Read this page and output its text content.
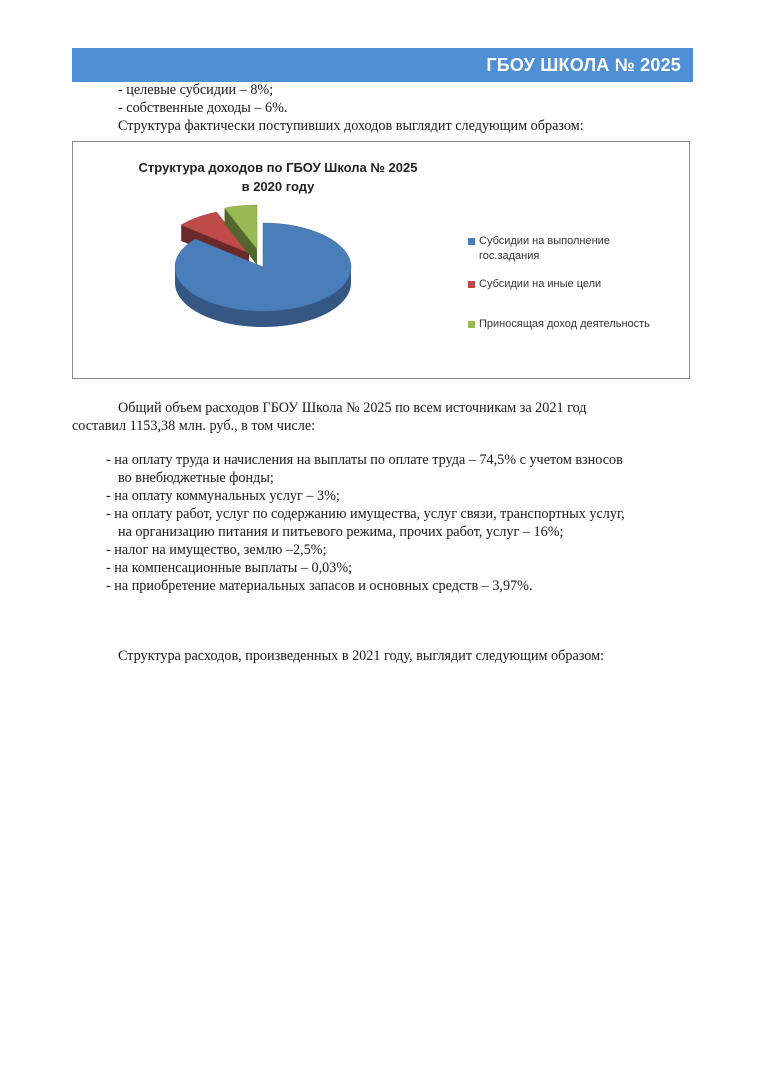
ГБОУ ШКОЛА № 2025
- целевые субсидии – 8%;
- собственные доходы – 6%.
Структура фактически поступивших доходов выглядит следующим образом:
Структура доходов по ГБОУ Школа № 2025
в 2020 году
Субсидии на выполнение
гос.задания
Субсидии на иные цели
Приносящая доход деятельность
Общий объем расходов ГБОУ Школа № 2025 по всем источникам за 2021 год
составил 1153,38 млн. руб., в том числе:
- на оплату труда и начисления на выплаты по оплате труда – 74,5% с учетом взносов
во внебюджетные фонды;
- на оплату коммунальных услуг – 3%;
- на оплату работ, услуг по содержанию имущества, услуг связи, транспортных услуг,
на организацию питания и питьевого режима, прочих работ, услуг – 16%;
- налог на имущество, землю –2,5%;
- на компенсационные выплаты – 0,03%;
- на приобретение материальных запасов и основных средств – 3,97%.
Структура расходов, произведенных в 2021 году, выглядит следующим образом:
